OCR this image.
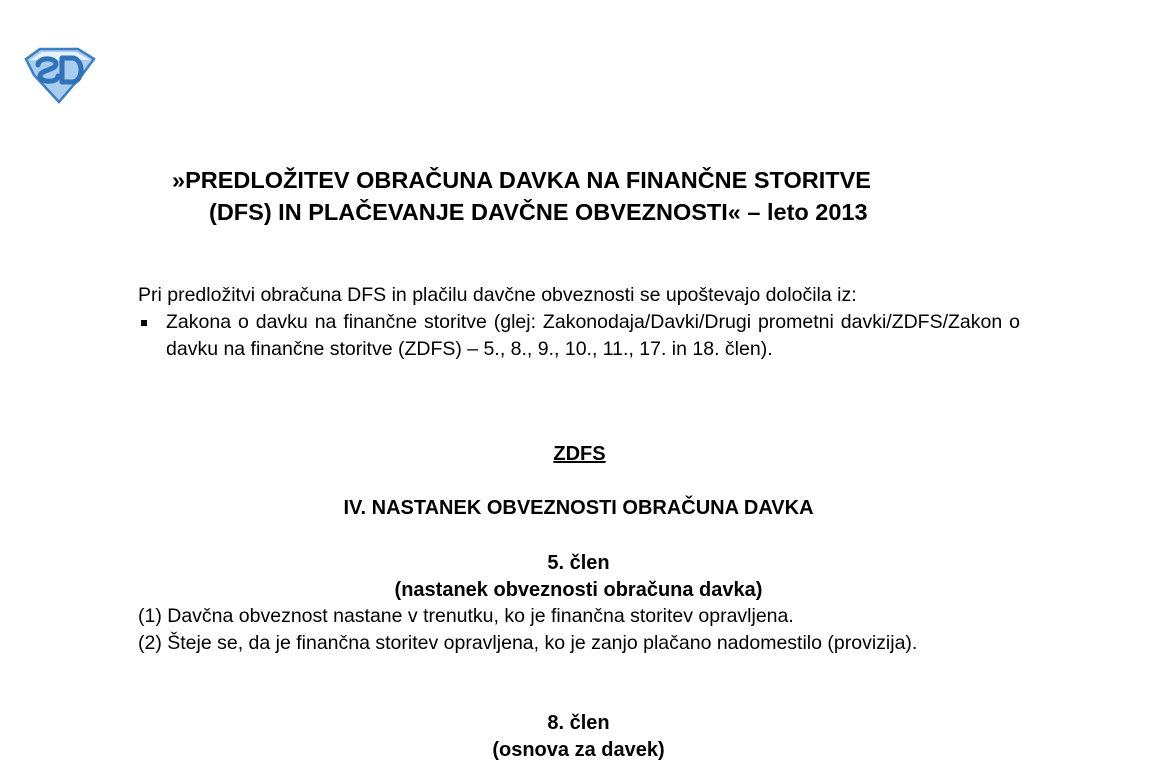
»PREDLOŽITEV OBRAČUNA DAVKA NA FINANČNE STORITVE
(DFS) IN PLAČEVANJE DAVČNE OBVEZNOSTI« – leto 2013
Pri predložitvi obračuna DFS in plačilu davčne obveznosti se upoštevajo določila iz:
Zakona o davku na finančne storitve (glej: Zakonodaja/Davki/Drugi prometni davki/ZDFS/Zakon o davku na finančne storitve (ZDFS) – 5., 8., 9., 10., 11., 17. in 18. člen).
ZDFS
IV. NASTANEK OBVEZNOSTI OBRAČUNA DAVKA
5. člen
(nastanek obveznosti obračuna davka)
(1) Davčna obveznost nastane v trenutku, ko je finančna storitev opravljena.
(2) Šteje se, da je finančna storitev opravljena, ko je zanjo plačano nadomestilo (provizija).
8. člen
(osnova za davek)
